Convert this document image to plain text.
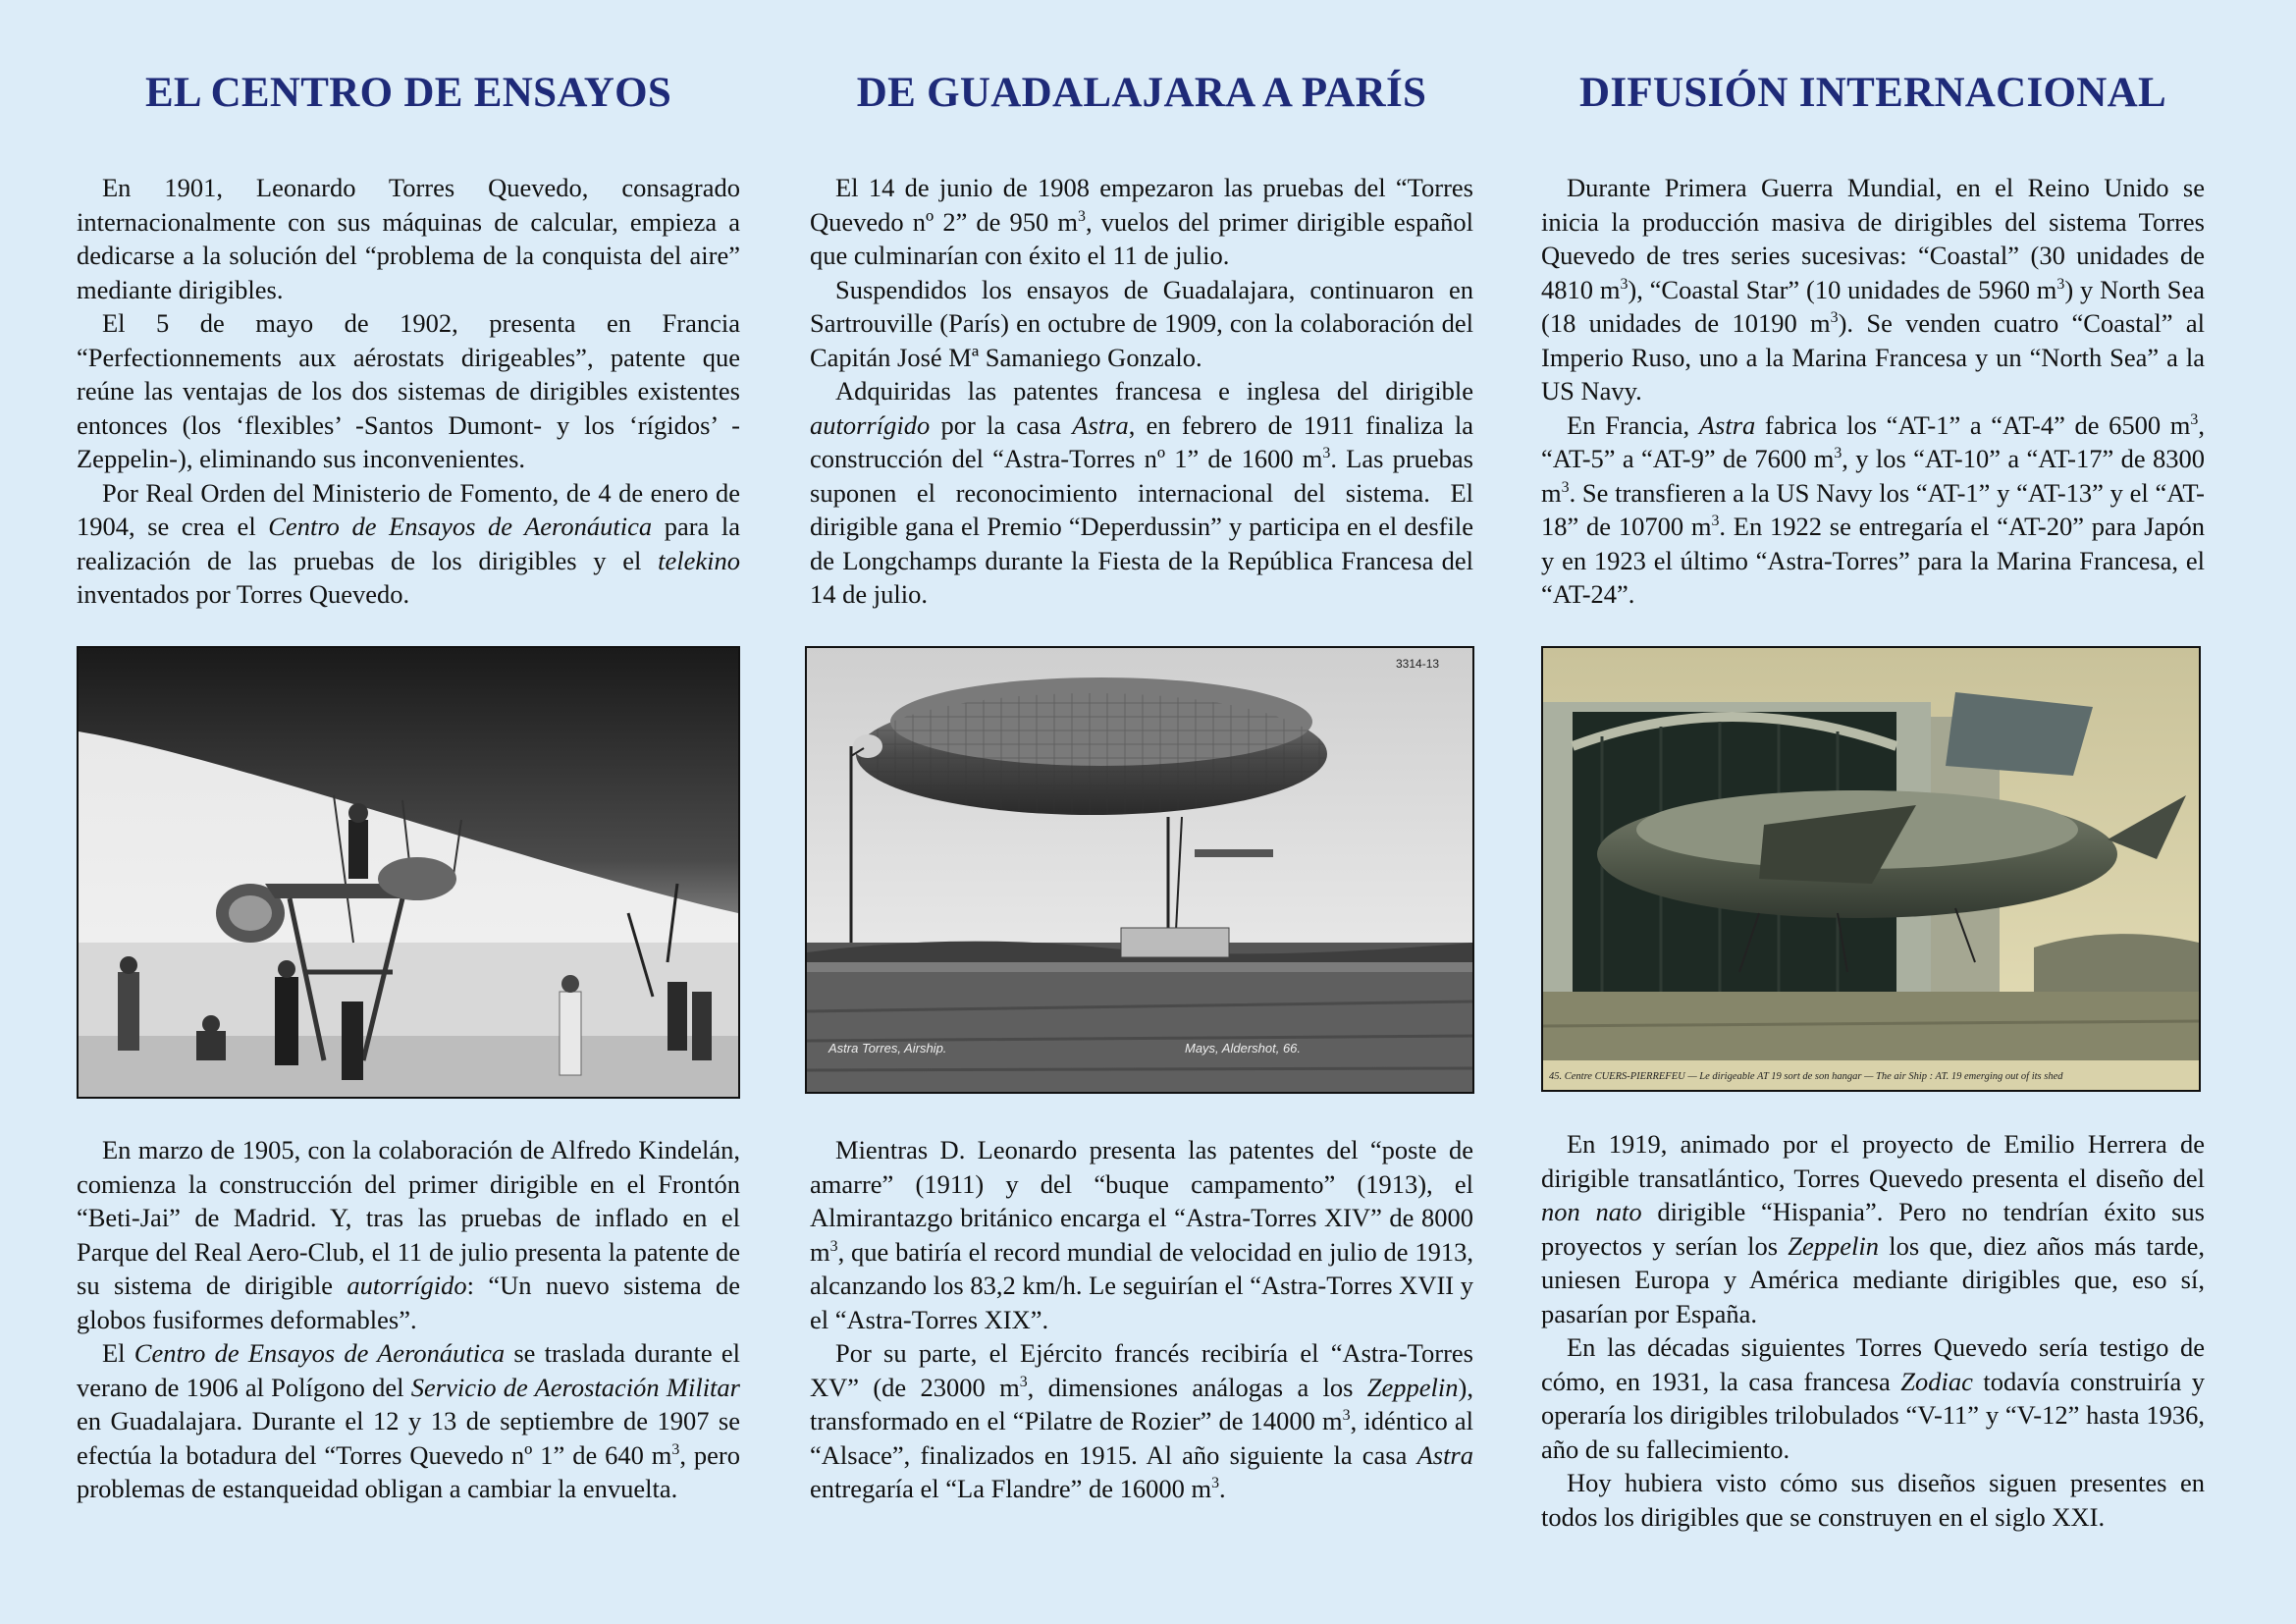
EL CENTRO DE ENSAYOS

En 1901, Leonardo Torres Quevedo, consagrado internacionalmente con sus máquinas de calcular, empieza a dedicarse a la solución del “problema de la conquista del aire” mediante dirigibles.

El 5 de mayo de 1902, presenta en Francia “Perfectionnements aux aérostats dirigeables”, patente que reúne las ventajas de los dos sistemas de dirigibles existentes entonces (los ‘flexibles’ -Santos Dumont- y los ‘rígidos’ -Zeppelin-), eliminando sus inconvenientes.

Por Real Orden del Ministerio de Fomento, de 4 de enero de 1904, se crea el Centro de Ensayos de Aeronáutica para la realización de las pruebas de los dirigibles y el telekino inventados por Torres Quevedo.

En marzo de 1905, con la colaboración de Alfredo Kindelán, comienza la construcción del primer dirigible en el Frontón “Beti-Jai” de Madrid. Y, tras las pruebas de inflado en el Parque del Real Aero-Club, el 11 de julio presenta la patente de su sistema de dirigible autorrígido: “Un nuevo sistema de globos fusiformes deformables”.

El Centro de Ensayos de Aeronáutica se traslada durante el verano de 1906 al Polígono del Servicio de Aerostación Militar en Guadalajara. Durante el 12 y 13 de septiembre de 1907 se efectúa la botadura del “Torres Quevedo nº 1” de 640 $m^3$, pero problemas de estanqueidad obligan a cambiar la envuelta.

DE GUADALAJARA A PARÍS

El 14 de junio de 1908 empezaron las pruebas del “Torres Quevedo nº 2” de 950 $m^3$, vuelos del primer dirigible español que culminarían con éxito el 11 de julio.

Suspendidos los ensayos de Guadalajara, continuaron en Sartrouville (París) en octubre de 1909, con la colaboración del Capitán José Mª Samaniego Gonzalo.

Adquiridas las patentes francesa e inglesa del dirigible autorrígido por la casa Astra, en febrero de 1911 finaliza la construcción del “Astra-Torres nº 1” de 1600 $m^3$. Las pruebas suponen el reconocimiento internacional del sistema. El dirigible gana el Premio “Deperdussin” y participa en el desfile de Longchamps durante la Fiesta de la República Francesa del 14 de julio.

3314-13
Astra Torres, Airship.	Mays, Aldershot, 66.

Mientras D. Leonardo presenta las patentes del “poste de amarre” (1911) y del “buque campamento” (1913), el Almirantazgo británico encarga el “Astra-Torres XIV” de 8000 $m^3$, que batiría el record mundial de velocidad en julio de 1913, alcanzando los 83,2 km/h. Le seguirían el “Astra-Torres XVII y el “Astra-Torres XIX”.

Por su parte, el Ejército francés recibiría el “Astra-Torres XV” (de 23000 $m^3$, dimensiones análogas a los Zeppelin), transformado en el “Pilatre de Rozier” de 14000 $m^3$, idéntico al “Alsace”, finalizados en 1915. Al año siguiente la casa Astra entregaría el “La Flandre” de 16000 $m^3$.

DIFUSIÓN INTERNACIONAL

Durante Primera Guerra Mundial, en el Reino Unido se inicia la producción masiva de dirigibles del sistema Torres Quevedo de tres series sucesivas: “Coastal” (30 unidades de 4810 $m^3$), “Coastal Star” (10 unidades de 5960 $m^3$) y North Sea (18 unidades de 10190 $m^3$). Se venden cuatro “Coastal” al Imperio Ruso, uno a la Marina Francesa y un “North Sea” a la US Navy.

En Francia, Astra fabrica los “AT-1” a “AT-4” de 6500 $m^3$, “AT-5” a “AT-9” de 7600 $m^3$, y los “AT-10” a “AT-17” de 8300 $m^3$. Se transfieren a la US Navy los “AT-1” y “AT-13” y el “AT-18” de 10700 $m^3$. En 1922 se entregaría el “AT-20” para Japón y en 1923 el último “Astra-Torres” para la Marina Francesa, el “AT-24”.

45. Centre CUERS-PIERREFEU — Le dirigeable AT 19 sort de son hangar — The air Ship : AT. 19 emerging out of its shed

En 1919, animado por el proyecto de Emilio Herrera de dirigible transatlántico, Torres Quevedo presenta el diseño del non nato dirigible “Hispania”. Pero no tendrían éxito sus proyectos y serían los Zeppelin los que, diez años más tarde, uniesen Europa y América mediante dirigibles que, eso sí, pasarían por España.

En las décadas siguientes Torres Quevedo sería testigo de cómo, en 1931, la casa francesa Zodiac todavía construiría y operaría los dirigibles trilobulados “V-11” y “V-12” hasta 1936, año de su fallecimiento.

Hoy hubiera visto cómo sus diseños siguen presentes en todos los dirigibles que se construyen en el siglo XXI.
